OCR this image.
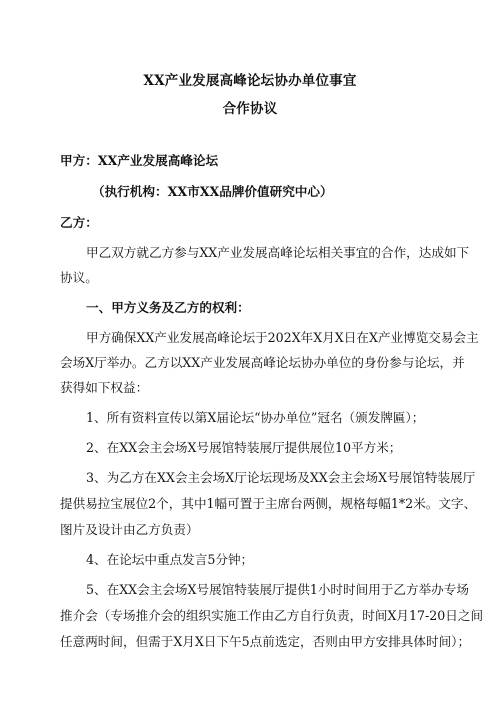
XX产业发展高峰论坛协办单位事宜
合作协议
甲方：XX产业发展高峰论坛
（执行机构：XX市XX品牌价值研究中心）
乙方：
甲乙双方就乙方参与XX产业发展高峰论坛相关事宜的合作，达成如下
协议。
一、甲方义务及乙方的权利：
甲方确保XX产业发展高峰论坛于202X年X月X日在X产业博览交易会主
会场X厅举办。乙方以XX产业发展高峰论坛协办单位的身份参与论坛，并
获得如下权益：
1、所有资料宣传以第X届论坛“协办单位”冠名（颁发牌匾）；
2、在XX会主会场X号展馆特装展厅提供展位10平方米；
3、为乙方在XX会主会场X厅论坛现场及XX会主会场X号展馆特装展厅
提供易拉宝展位2个，其中1幅可置于主席台两侧，规格每幅1*2米。文字、
图片及设计由乙方负责）
4、在论坛中重点发言5分钟；
5、在XX会主会场X号展馆特装展厅提供1小时时间用于乙方举办专场
推介会（专场推介会的组织实施工作由乙方自行负责，时间X月17-20日之间
任意两时间，但需于X月X日下午5点前选定，否则由甲方安排具体时间）；
